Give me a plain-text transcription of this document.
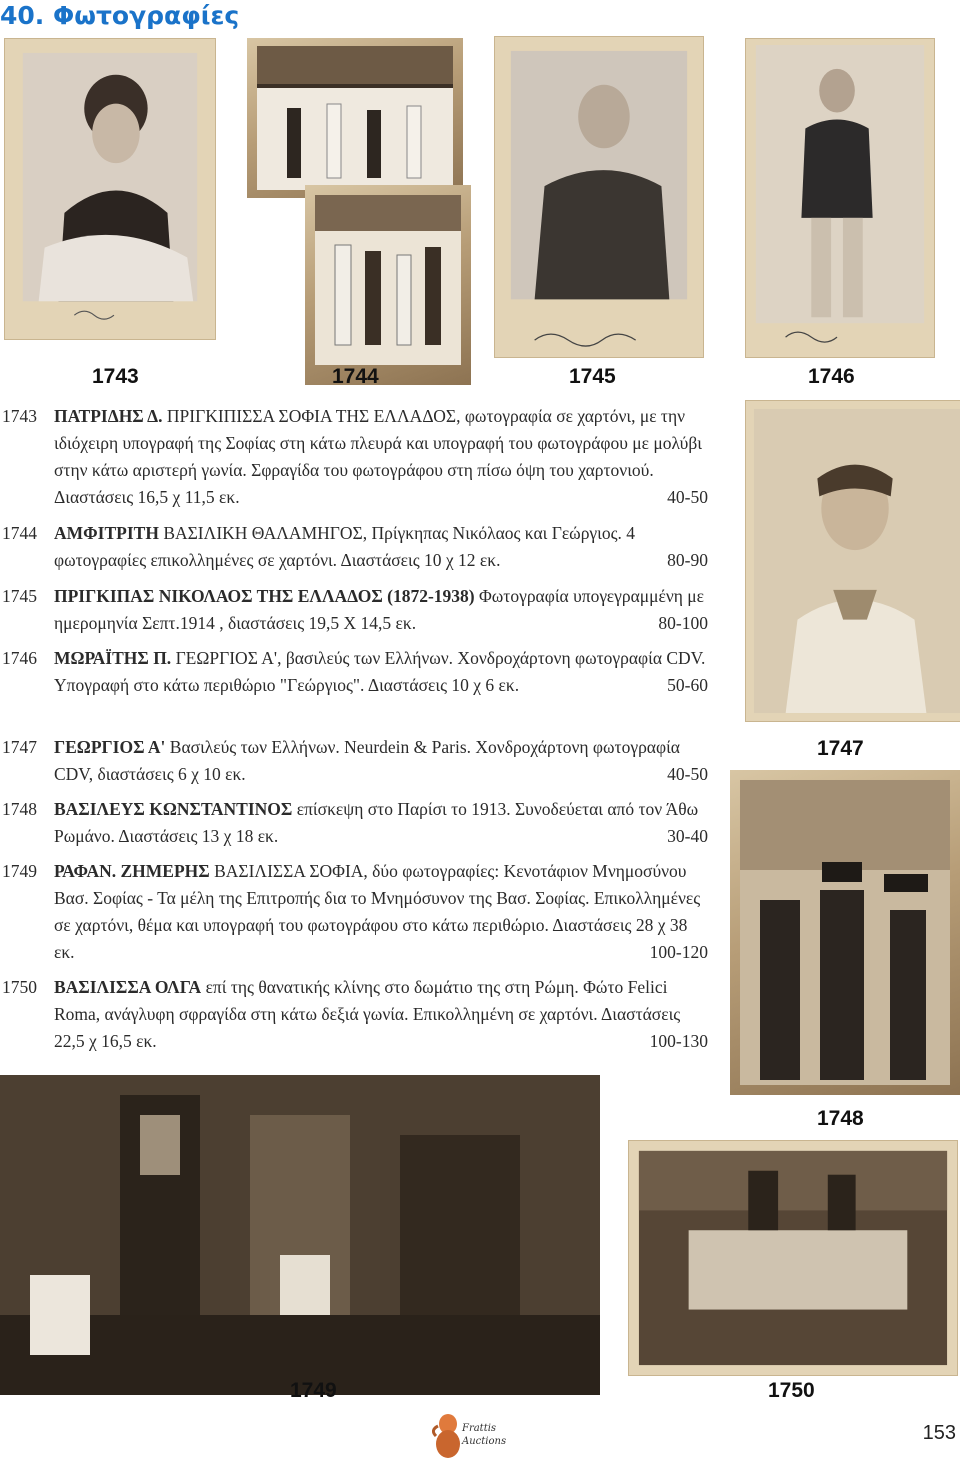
40. Φωτογραφίες
1743	1744	1745	1746
1747
1748
1749	1750
1743 ΠΑΤΡΙΔΗΣ Δ. ΠΡΙΓΚΙΠΙΣΣΑ ΣΟΦΙΑ ΤΗΣ ΕΛΛΑΔΟΣ, φωτογραφία σε χαρτόνι, με την ιδιόχειρη υπογραφή της Σοφίας στη κάτω πλευρά και υπογραφή του φωτογράφου με μολύβι στην κάτω αριστερή γωνία. Σφραγίδα του φωτογράφου στη πίσω όψη του χαρτονιού. Διαστάσεις 16,5 χ 11,5 εκ.	40-50
1744 ΑΜΦΙΤΡΙΤΗ ΒΑΣΙΛΙΚΗ ΘΑΛΑΜΗΓΟΣ, Πρίγκηπας Νικόλαος και Γεώργιος. 4 φωτογραφίες επικολλημένες σε χαρτόνι. Διαστάσεις 10 χ 12 εκ.	80-90
1745 ΠΡΙΓΚΙΠΑΣ ΝΙΚΟΛΑΟΣ ΤΗΣ ΕΛΛΑΔΟΣ (1872-1938) Φωτογραφία υπογεγραμμένη με ημερομηνία Σεπτ.1914 , διαστάσεις 19,5 Χ 14,5 εκ.	80-100
1746 ΜΩΡΑΪΤΗΣ Π. ΓΕΩΡΓΙΟΣ Α', βασιλεύς των Ελλήνων. Χονδροχάρτονη φωτογραφία CDV. Υπογραφή στο κάτω περιθώριο "Γεώργιος". Διαστάσεις 10 χ 6 εκ.	50-60
1747 ΓΕΩΡΓΙΟΣ Α' Βασιλεύς των Ελλήνων. Neurdein & Paris. Χονδροχάρτονη φωτογραφία CDV, διαστάσεις 6 χ 10 εκ.	40-50
1748 ΒΑΣΙΛΕΥΣ ΚΩΝΣΤΑΝΤΙΝΟΣ επίσκεψη στο Παρίσι το 1913. Συνοδεύεται από τον Άθω Ρωμάνο. Διαστάσεις 13 χ 18 εκ.	30-40
1749 ΡΑΦΑΝ. ΖΗΜΕΡΗΣ ΒΑΣΙΛΙΣΣΑ ΣΟΦΙΑ, δύο φωτογραφίες: Κενοτάφιον Μνημοσύνου Βασ. Σοφίας - Τα μέλη της Επιτροπής δια το Μνημόσυνον της Βασ. Σοφίας. Επικολλημένες σε χαρτόνι, θέμα και υπογραφή του φωτογράφου στο κάτω περιθώριο. Διαστάσεις 28 χ 38 εκ.	100-120
1750 ΒΑΣΙΛΙΣΣΑ ΟΛΓΑ επί της θανατικής κλίνης στο δωμάτιο της στη Ρώμη. Φώτο Felici Roma, ανάγλυφη σφραγίδα στη κάτω δεξιά γωνία. Επικολλημένη σε χαρτόνι. Διαστάσεις 22,5 χ 16,5 εκ.	100-130
Frattis Auctions	153
